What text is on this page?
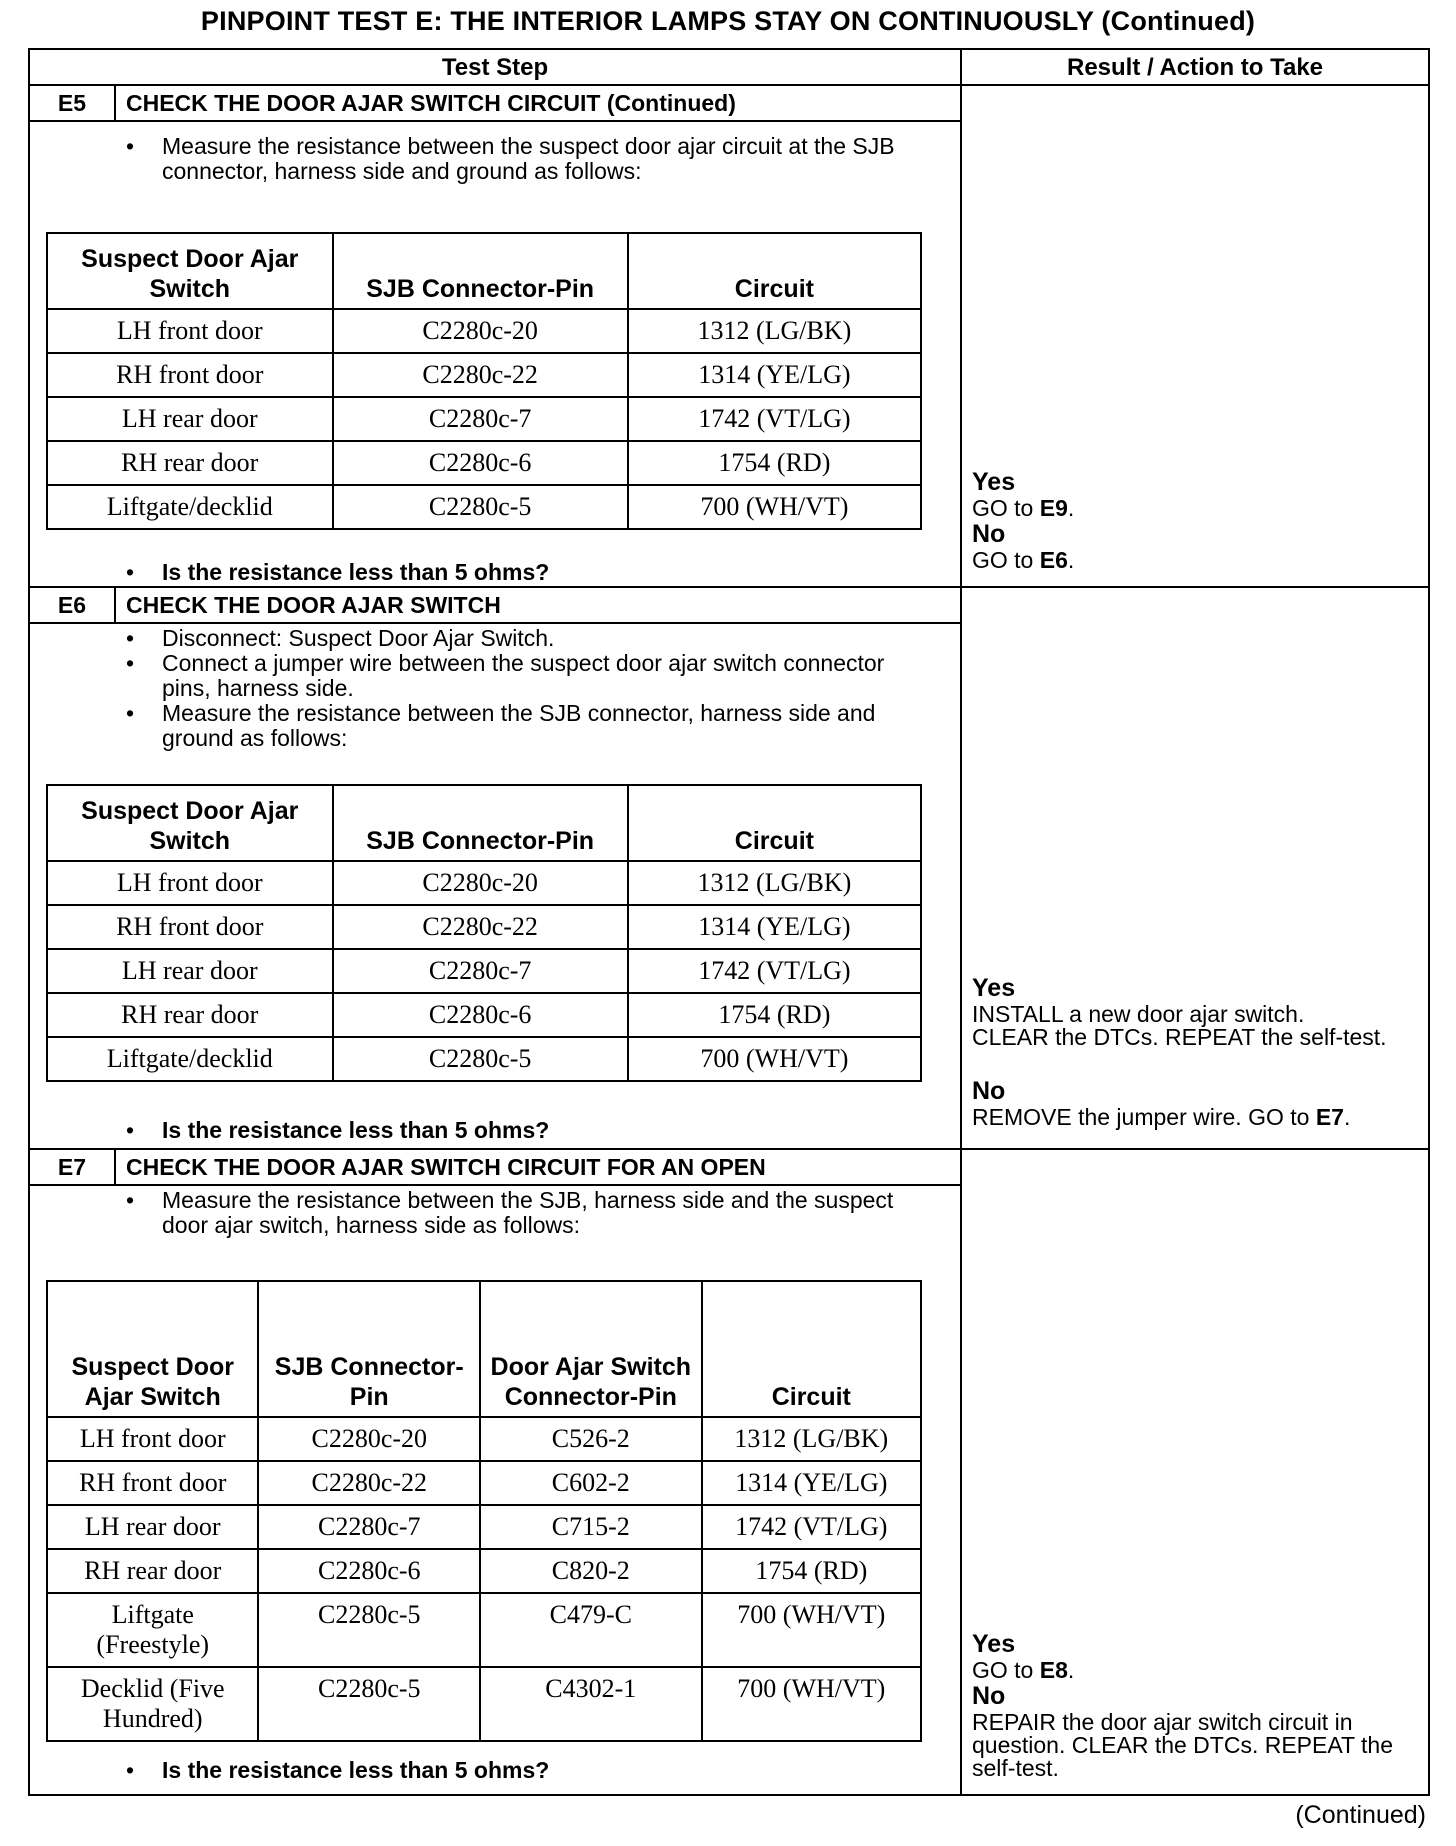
PINPOINT TEST E: THE INTERIOR LAMPS STAY ON CONTINUOUSLY (Continued)
Test Step	Result / Action to Take
E5	CHECK THE DOOR AJAR SWITCH CIRCUIT (Continued)
• Measure the resistance between the suspect door ajar circuit at the SJB connector, harness side and ground as follows:
Suspect Door Ajar Switch	SJB Connector-Pin	Circuit
LH front door	C2280c-20	1312 (LG/BK)
RH front door	C2280c-22	1314 (YE/LG)
LH rear door	C2280c-7	1742 (VT/LG)
RH rear door	C2280c-6	1754 (RD)
Liftgate/decklid	C2280c-5	700 (WH/VT)
• Is the resistance less than 5 ohms?
Yes
GO to E9.
No
GO to E6.
E6	CHECK THE DOOR AJAR SWITCH
• Disconnect: Suspect Door Ajar Switch.
• Connect a jumper wire between the suspect door ajar switch connector pins, harness side.
• Measure the resistance between the SJB connector, harness side and ground as follows:
Suspect Door Ajar Switch	SJB Connector-Pin	Circuit
LH front door	C2280c-20	1312 (LG/BK)
RH front door	C2280c-22	1314 (YE/LG)
LH rear door	C2280c-7	1742 (VT/LG)
RH rear door	C2280c-6	1754 (RD)
Liftgate/decklid	C2280c-5	700 (WH/VT)
• Is the resistance less than 5 ohms?
Yes
INSTALL a new door ajar switch.
CLEAR the DTCs. REPEAT the self-test.
No
REMOVE the jumper wire. GO to E7.
E7	CHECK THE DOOR AJAR SWITCH CIRCUIT FOR AN OPEN
• Measure the resistance between the SJB, harness side and the suspect door ajar switch, harness side as follows:
Suspect Door Ajar Switch	SJB Connector-Pin	Door Ajar Switch Connector-Pin	Circuit
LH front door	C2280c-20	C526-2	1312 (LG/BK)
RH front door	C2280c-22	C602-2	1314 (YE/LG)
LH rear door	C2280c-7	C715-2	1742 (VT/LG)
RH rear door	C2280c-6	C820-2	1754 (RD)
Liftgate (Freestyle)	C2280c-5	C479-C	700 (WH/VT)
Decklid (Five Hundred)	C2280c-5	C4302-1	700 (WH/VT)
• Is the resistance less than 5 ohms?
Yes
GO to E8.
No
REPAIR the door ajar switch circuit in question. CLEAR the DTCs. REPEAT the self-test.
(Continued)
